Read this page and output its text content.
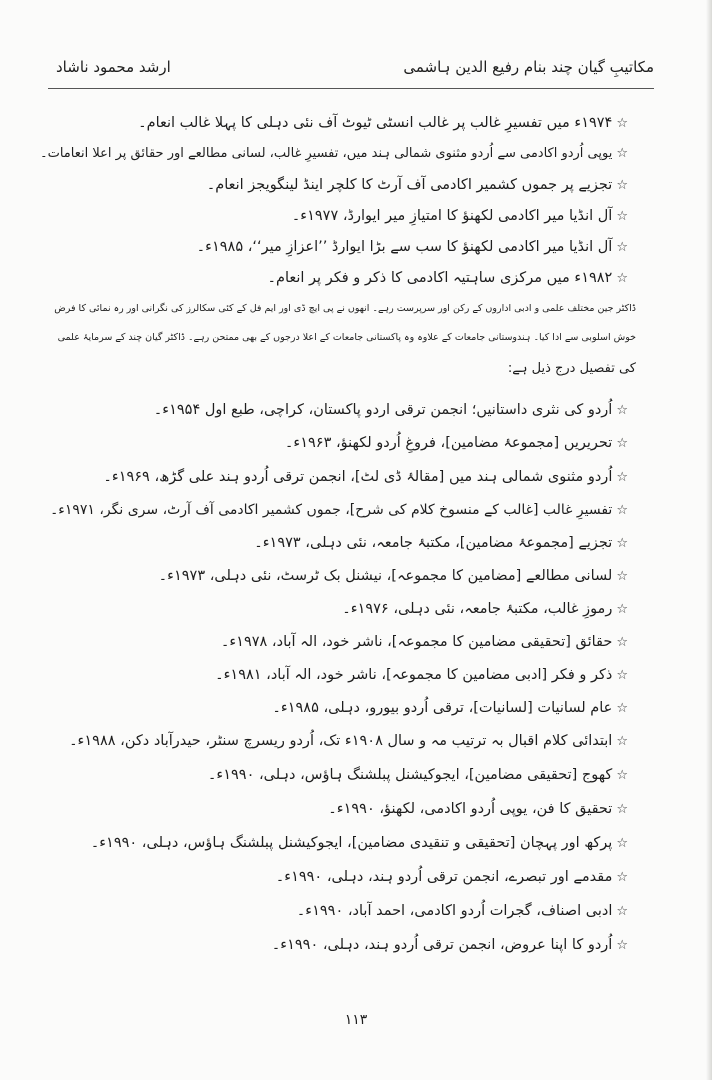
ارشد محمود ناشاد	مکاتیبِ گیان چند بنام رفیع الدین ہاشمی
☆۱۹۷۴ء میں تفسیرِ غالب پر غالب انسٹی ٹیوٹ آف نئی دہلی کا پہلا غالب انعام۔
☆یوپی اُردو اکادمی سے اُردو مثنوی شمالی ہند میں، تفسیرِ غالب، لسانی مطالعے اور حقائق پر اعلا انعامات۔
☆تجزیے پر جموں کشمیر اکادمی آف آرٹ کا کلچر اینڈ لینگویجز انعام۔
☆آل انڈیا میر اکادمی لکھنؤ کا امتیازِ میر ایوارڈ، ۱۹۷۷ء۔
☆آل انڈیا میر اکادمی لکھنؤ کا سب سے بڑا ایوارڈ ’’اعزازِ میر‘‘، ۱۹۸۵ء۔
☆۱۹۸۲ء میں مرکزی ساہتیہ اکادمی کا ذکر و فکر پر انعام۔
ڈاکٹر جین مختلف علمی و ادبی اداروں کے رکن اور سرپرست رہے۔ انھوں نے پی ایچ ڈی اور ایم فل کے کئی سکالرز کی نگرانی اور رہ نمائی کا فرض
خوش اسلوبی سے ادا کیا۔ ہندوستانی جامعات کے علاوہ وہ پاکستانی جامعات کے اعلا درجوں کے بھی ممتحن رہے۔ ڈاکٹر گیان چند کے سرمایۂ علمی
کی تفصیل درج ذیل ہے:
☆اُردو کی نثری داستانیں؛ انجمن ترقی اردو پاکستان، کراچی، طبع اول ۱۹۵۴ء۔
☆تحریریں [مجموعۂ مضامین]، فروغِ اُردو لکھنؤ، ۱۹۶۳ء۔
☆اُردو مثنوی شمالی ہند میں [مقالۂ ڈی لٹ]، انجمن ترقی اُردو ہند علی گڑھ، ۱۹۶۹ء۔
☆تفسیرِ غالب [غالب کے منسوخ کلام کی شرح]، جموں کشمیر اکادمی آف آرٹ، سری نگر، ۱۹۷۱ء۔
☆تجزیے [مجموعۂ مضامین]، مکتبۂ جامعہ، نئی دہلی، ۱۹۷۳ء۔
☆لسانی مطالعے [مضامین کا مجموعہ]، نیشنل بک ٹرسٹ، نئی دہلی، ۱۹۷۳ء۔
☆رموزِ غالب، مکتبۂ جامعہ، نئی دہلی، ۱۹۷۶ء۔
☆حقائق [تحقیقی مضامین کا مجموعہ]، ناشر خود، الہ آباد، ۱۹۷۸ء۔
☆ذکر و فکر [ادبی مضامین کا مجموعہ]، ناشر خود، الہ آباد، ۱۹۸۱ء۔
☆عام لسانیات [لسانیات]، ترقی اُردو بیورو، دہلی، ۱۹۸۵ء۔
☆ابتدائی کلام اقبال بہ ترتیب مہ و سال ۱۹۰۸ء تک، اُردو ریسرچ سنٹر، حیدرآباد دکن، ۱۹۸۸ء۔
☆کھوج [تحقیقی مضامین]، ایجوکیشنل پبلشنگ ہاؤس، دہلی، ۱۹۹۰ء۔
☆تحقیق کا فن، یوپی اُردو اکادمی، لکھنؤ، ۱۹۹۰ء۔
☆پرکھ اور پہچان [تحقیقی و تنقیدی مضامین]، ایجوکیشنل پبلشنگ ہاؤس، دہلی، ۱۹۹۰ء۔
☆مقدمے اور تبصرے، انجمن ترقی اُردو ہند، دہلی، ۱۹۹۰ء۔
☆ادبی اصناف، گجرات اُردو اکادمی، احمد آباد، ۱۹۹۰ء۔
☆اُردو کا اپنا عروض، انجمن ترقی اُردو ہند، دہلی، ۱۹۹۰ء۔
۱۱۳
